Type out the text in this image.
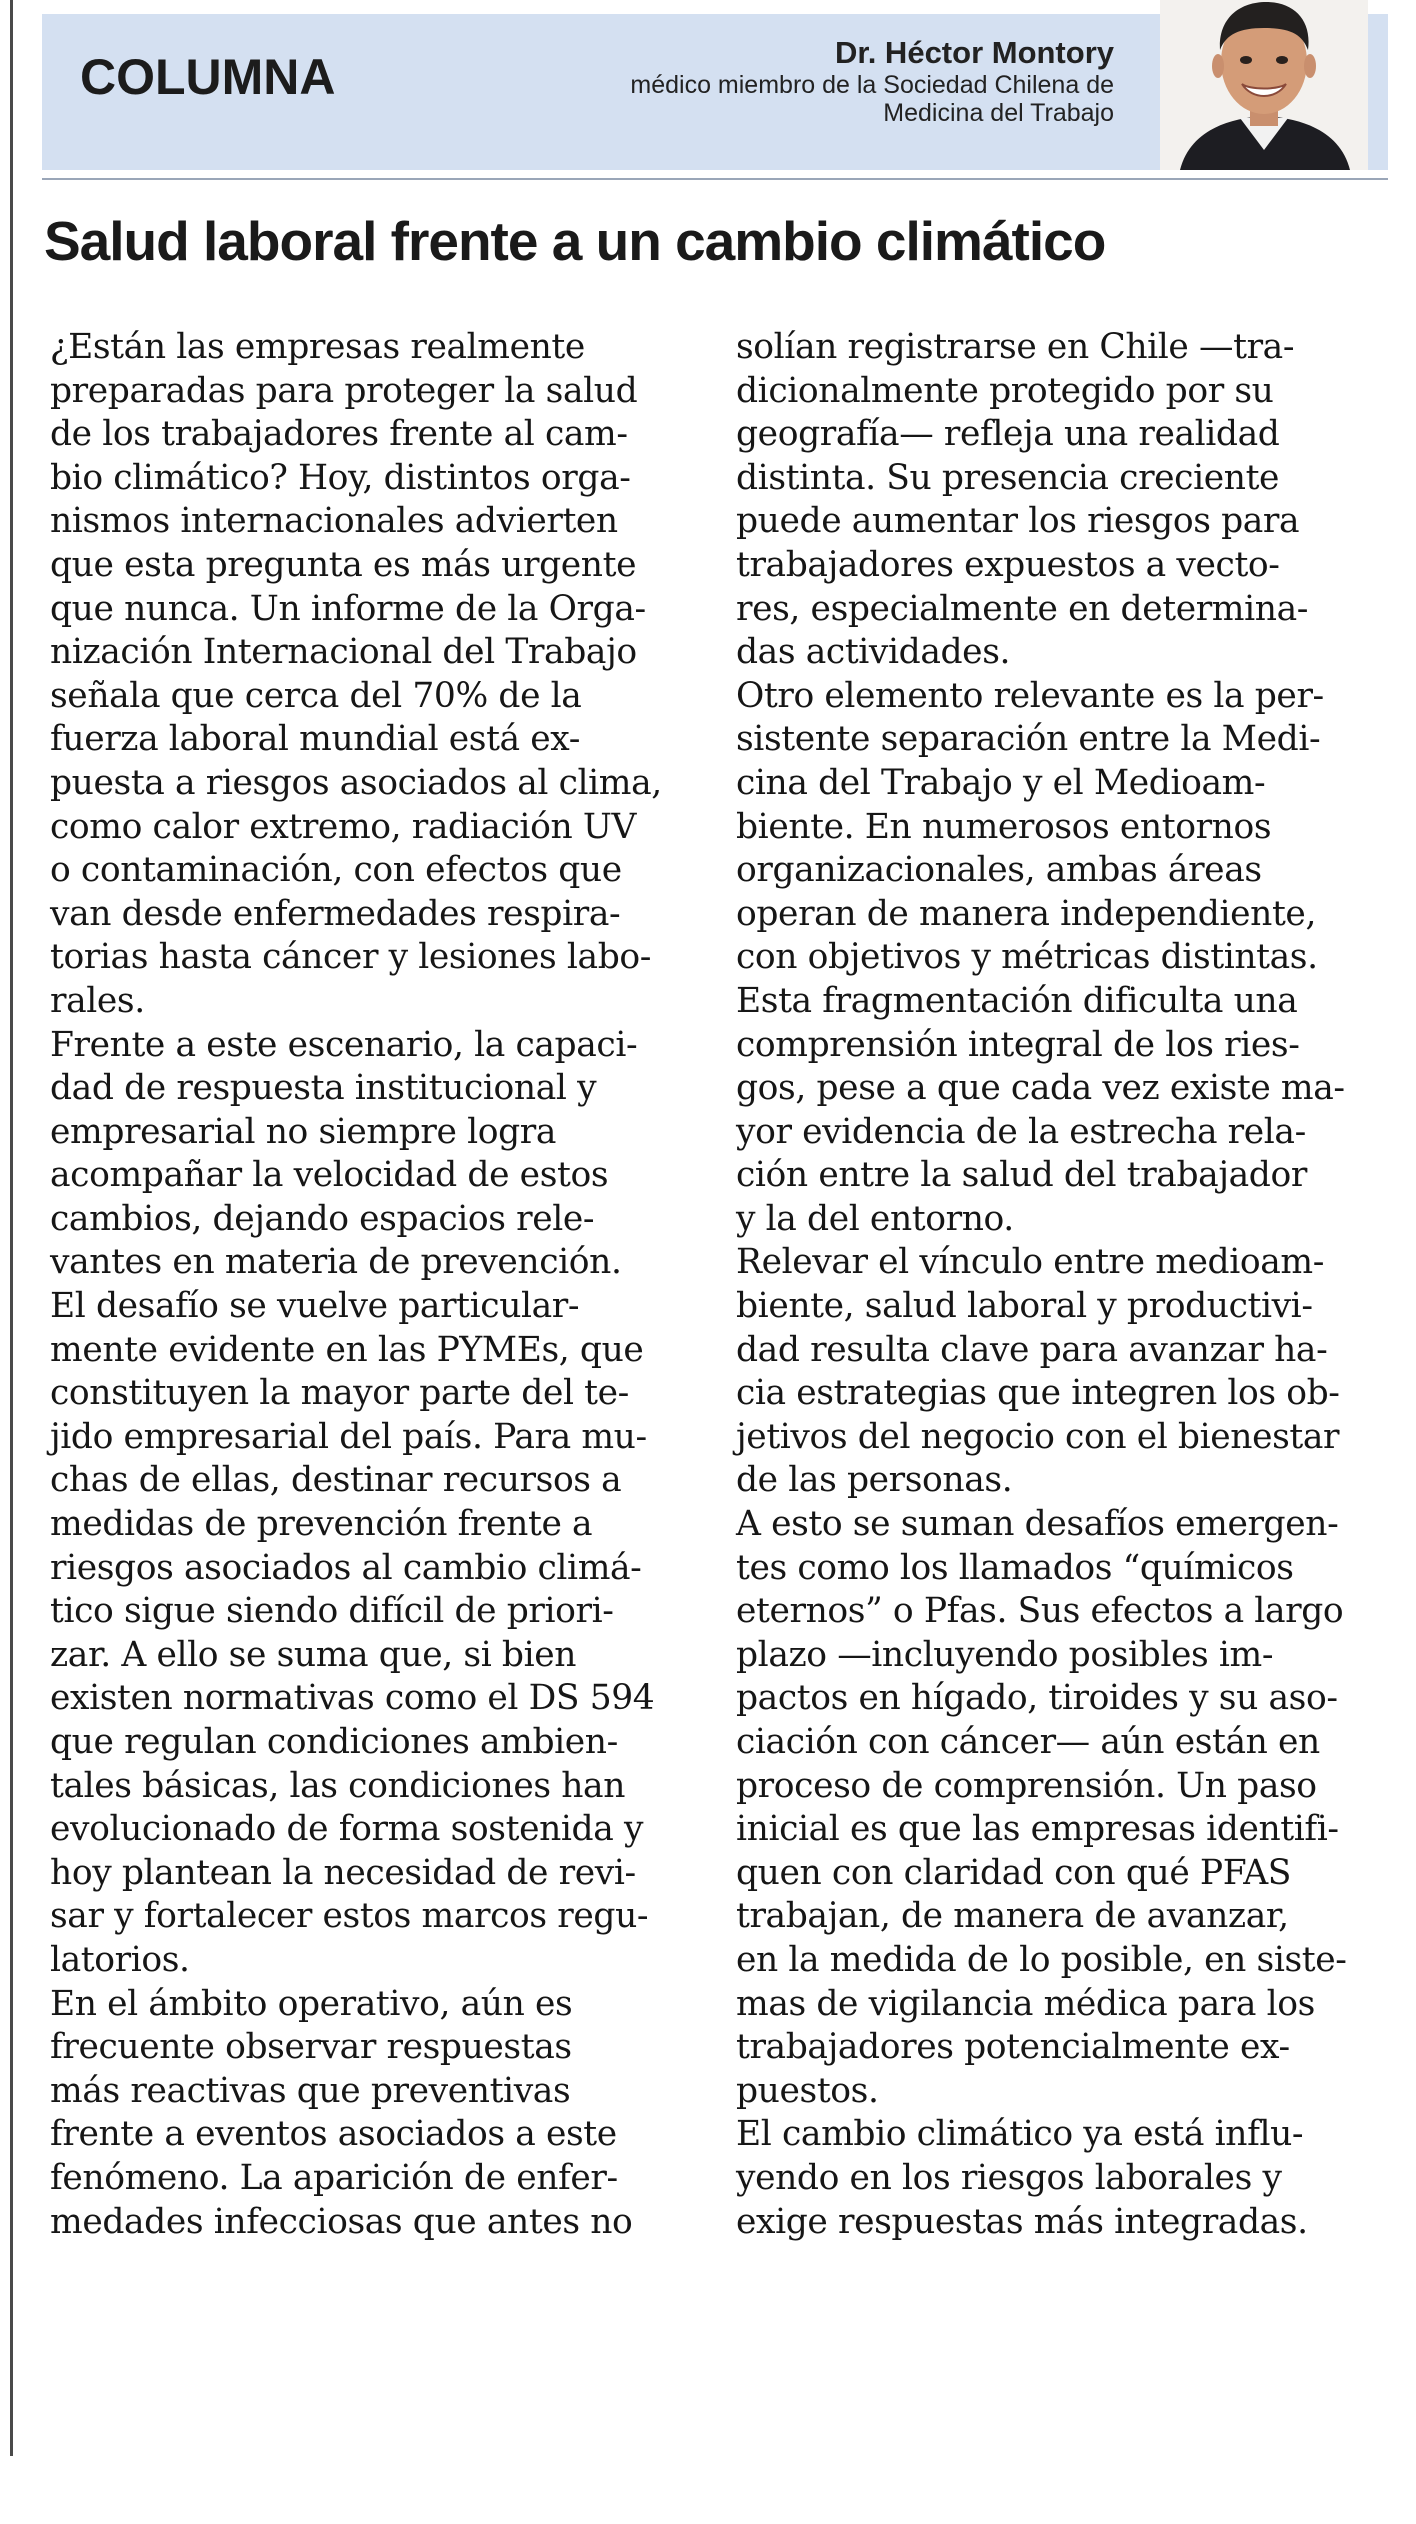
COLUMNA	Dr. Héctor Montory
médico miembro de la Sociedad Chilena de
Medicina del Trabajo
Salud laboral frente a un cambio climático

¿Están las empresas realmente
preparadas para proteger la salud
de los trabajadores frente al cam-
bio climático? Hoy, distintos orga-
nismos internacionales advierten
que esta pregunta es más urgente
que nunca. Un informe de la Orga-
nización Internacional del Trabajo
señala que cerca del 70% de la
fuerza laboral mundial está ex-
puesta a riesgos asociados al clima,
como calor extremo, radiación UV
o contaminación, con efectos que
van desde enfermedades respira-
torias hasta cáncer y lesiones labo-
rales.

Frente a este escenario, la capaci-
dad de respuesta institucional y
empresarial no siempre logra
acompañar la velocidad de estos
cambios, dejando espacios rele-
vantes en materia de prevención.

El desafío se vuelve particular-
mente evidente en las PYMEs, que
constituyen la mayor parte del te-
jido empresarial del país. Para mu-
chas de ellas, destinar recursos a
medidas de prevención frente a
riesgos asociados al cambio climá-
tico sigue siendo difícil de priori-
zar. A ello se suma que, si bien
existen normativas como el DS 594
que regulan condiciones ambien-
tales básicas, las condiciones han
evolucionado de forma sostenida y
hoy plantean la necesidad de revi-
sar y fortalecer estos marcos regu-
latorios.

En el ámbito operativo, aún es
frecuente observar respuestas
más reactivas que preventivas
frente a eventos asociados a este
fenómeno. La aparición de enfer-
medades infecciosas que antes no

solían registrarse en Chile —tra-
dicionalmente protegido por su
geografía— refleja una realidad
distinta. Su presencia creciente
puede aumentar los riesgos para
trabajadores expuestos a vecto-
res, especialmente en determina-
das actividades.

Otro elemento relevante es la per-
sistente separación entre la Medi-
cina del Trabajo y el Medioam-
biente. En numerosos entornos
organizacionales, ambas áreas
operan de manera independiente,
con objetivos y métricas distintas.
Esta fragmentación dificulta una
comprensión integral de los ries-
gos, pese a que cada vez existe ma-
yor evidencia de la estrecha rela-
ción entre la salud del trabajador
y la del entorno.

Relevar el vínculo entre medioam-
biente, salud laboral y productivi-
dad resulta clave para avanzar ha-
cia estrategias que integren los ob-
jetivos del negocio con el bienestar
de las personas.

A esto se suman desafíos emergen-
tes como los llamados “químicos
eternos” o Pfas. Sus efectos a largo
plazo —incluyendo posibles im-
pactos en hígado, tiroides y su aso-
ciación con cáncer— aún están en
proceso de comprensión. Un paso
inicial es que las empresas identifi-
quen con claridad con qué PFAS
trabajan, de manera de avanzar,
en la medida de lo posible, en siste-
mas de vigilancia médica para los
trabajadores potencialmente ex-
puestos.

El cambio climático ya está influ-
yendo en los riesgos laborales y
exige respuestas más integradas.
